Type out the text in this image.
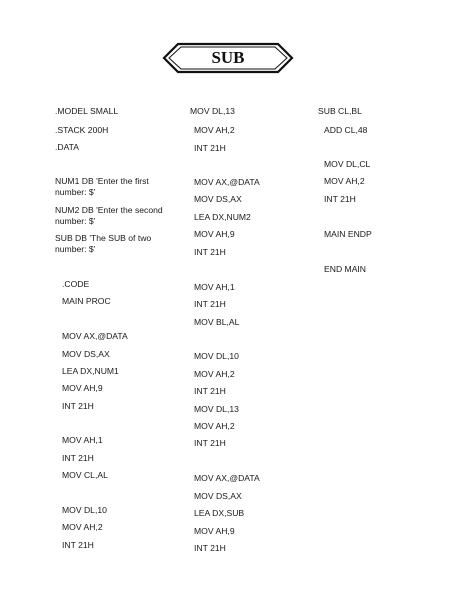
SUB
.MODEL SMALL
.STACK 200H
.DATA
NUM1 DB 'Enter the first number: $'
NUM2 DB 'Enter the second number: $'
SUB DB 'The SUB of two number: $'
.CODE
MAIN PROC
MOV AX,@DATA
MOV DS,AX
LEA DX,NUM1
MOV AH,9
INT 21H
MOV AH,1
INT 21H
MOV CL,AL
MOV DL,10
MOV AH,2
INT 21H
MOV DL,13
MOV AH,2
INT 21H
MOV AX,@DATA
MOV DS,AX
LEA DX,NUM2
MOV AH,9
INT 21H
MOV AH,1
INT 21H
MOV BL,AL
MOV DL,10
MOV AH,2
INT 21H
MOV DL,13
MOV AH,2
INT 21H
MOV AX,@DATA
MOV DS,AX
LEA DX,SUB
MOV AH,9
INT 21H
SUB CL,BL
ADD CL,48
MOV DL,CL
MOV AH,2
INT 21H
MAIN ENDP
END MAIN
